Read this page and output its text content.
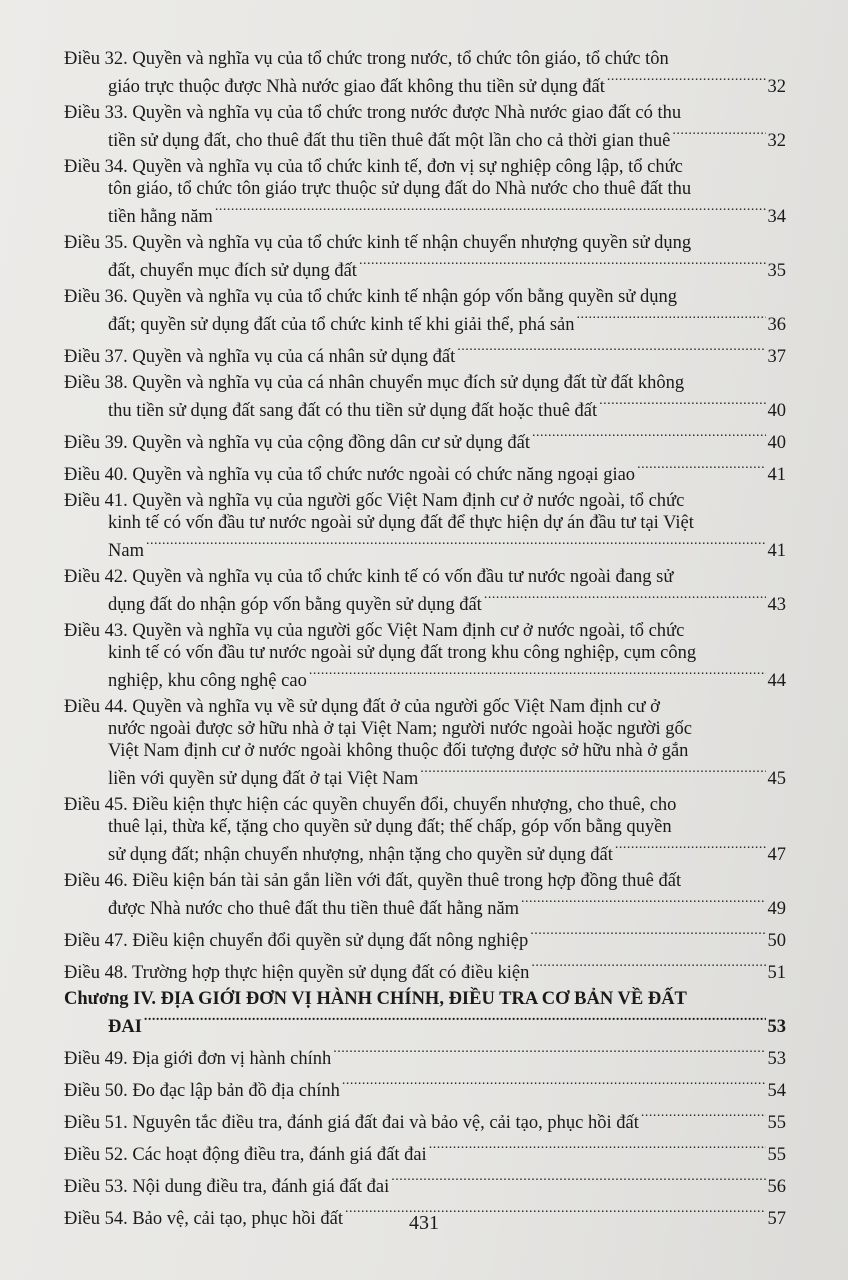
Điều 32. Quyền và nghĩa vụ của tổ chức trong nước, tổ chức tôn giáo, tổ chức tôn
giáo trực thuộc được Nhà nước giao đất không thu tiền sử dụng đất .....	32
Điều 33. Quyền và nghĩa vụ của tổ chức trong nước được Nhà nước giao đất có thu
tiền sử dụng đất, cho thuê đất thu tiền thuê đất một lần cho cả thời gian thuê .....	32
Điều 34. Quyền và nghĩa vụ của tổ chức kinh tế, đơn vị sự nghiệp công lập, tổ chức
tôn giáo, tổ chức tôn giáo trực thuộc sử dụng đất do Nhà nước cho thuê đất thu
tiền hằng năm .....	34
Điều 35. Quyền và nghĩa vụ của tổ chức kinh tế nhận chuyển nhượng quyền sử dụng
đất, chuyển mục đích sử dụng đất .....	35
Điều 36. Quyền và nghĩa vụ của tổ chức kinh tế nhận góp vốn bằng quyền sử dụng
đất; quyền sử dụng đất của tổ chức kinh tế khi giải thể, phá sản .....	36
Điều 37. Quyền và nghĩa vụ của cá nhân sử dụng đất .....	37
Điều 38. Quyền và nghĩa vụ của cá nhân chuyển mục đích sử dụng đất từ đất không
thu tiền sử dụng đất sang đất có thu tiền sử dụng đất hoặc thuê đất .....	40
Điều 39. Quyền và nghĩa vụ của cộng đồng dân cư sử dụng đất .....	40
Điều 40. Quyền và nghĩa vụ của tổ chức nước ngoài có chức năng ngoại giao .....	41
Điều 41. Quyền và nghĩa vụ của người gốc Việt Nam định cư ở nước ngoài, tổ chức
kinh tế có vốn đầu tư nước ngoài sử dụng đất để thực hiện dự án đầu tư tại Việt
Nam .....	41
Điều 42. Quyền và nghĩa vụ của tổ chức kinh tế có vốn đầu tư nước ngoài đang sử
dụng đất do nhận góp vốn bằng quyền sử dụng đất .....	43
Điều 43. Quyền và nghĩa vụ của người gốc Việt Nam định cư ở nước ngoài, tổ chức
kinh tế có vốn đầu tư nước ngoài sử dụng đất trong khu công nghiệp, cụm công
nghiệp, khu công nghệ cao .....	44
Điều 44. Quyền và nghĩa vụ về sử dụng đất ở của người gốc Việt Nam định cư ở
nước ngoài được sở hữu nhà ở tại Việt Nam; người nước ngoài hoặc người gốc
Việt Nam định cư ở nước ngoài không thuộc đối tượng được sở hữu nhà ở gắn
liền với quyền sử dụng đất ở tại Việt Nam .....	45
Điều 45. Điều kiện thực hiện các quyền chuyển đổi, chuyển nhượng, cho thuê, cho
thuê lại, thừa kế, tặng cho quyền sử dụng đất; thế chấp, góp vốn bằng quyền
sử dụng đất; nhận chuyển nhượng, nhận tặng cho quyền sử dụng đất .....	47
Điều 46. Điều kiện bán tài sản gắn liền với đất, quyền thuê trong hợp đồng thuê đất
được Nhà nước cho thuê đất thu tiền thuê đất hằng năm .....	49
Điều 47. Điều kiện chuyển đổi quyền sử dụng đất nông nghiệp .....	50
Điều 48. Trường hợp thực hiện quyền sử dụng đất có điều kiện .....	51
Chương IV. ĐỊA GIỚI ĐƠN VỊ HÀNH CHÍNH, ĐIỀU TRA CƠ BẢN VỀ ĐẤT
ĐAI .....	53
Điều 49. Địa giới đơn vị hành chính .....	53
Điều 50. Đo đạc lập bản đồ địa chính .....	54
Điều 51. Nguyên tắc điều tra, đánh giá đất đai và bảo vệ, cải tạo, phục hồi đất .....	55
Điều 52. Các hoạt động điều tra, đánh giá đất đai .....	55
Điều 53. Nội dung điều tra, đánh giá đất đai .....	56
Điều 54. Bảo vệ, cải tạo, phục hồi đất .....	57
431
